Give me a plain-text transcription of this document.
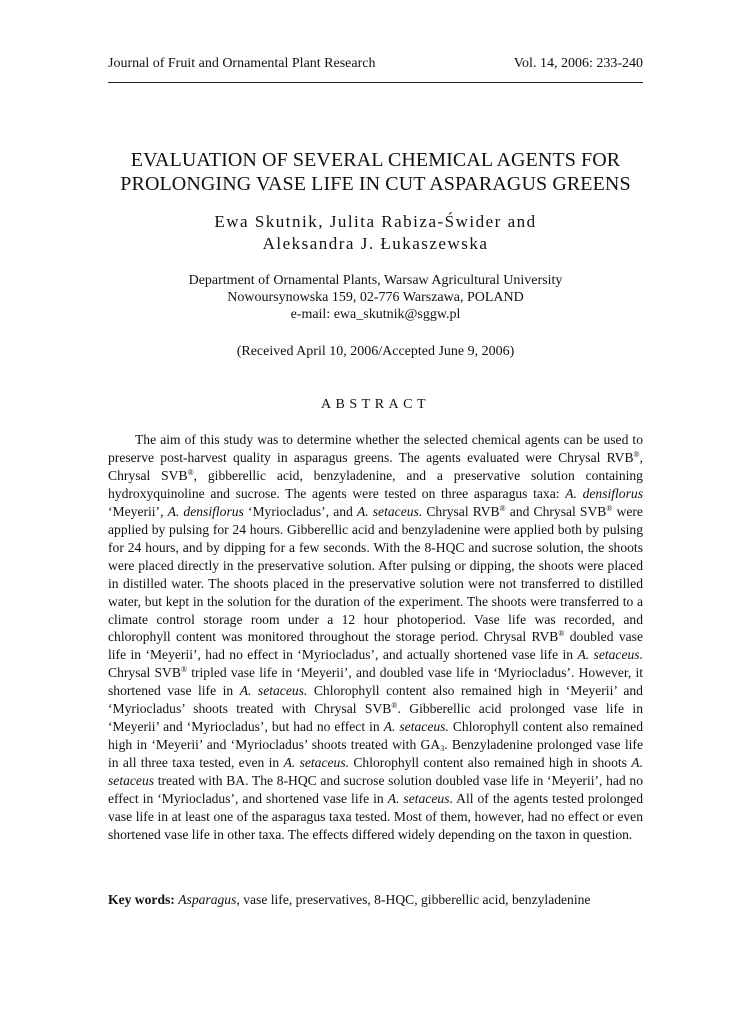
Journal of Fruit and Ornamental Plant Research	Vol. 14, 2006: 233-240
EVALUATION OF SEVERAL CHEMICAL AGENTS FOR
PROLONGING VASE LIFE IN CUT ASPARAGUS GREENS
Ewa Skutnik, Julita Rabiza-Świder and
Aleksandra J. Łukaszewska
Department of Ornamental Plants, Warsaw Agricultural University
Nowoursynowska 159, 02-776 Warszawa, POLAND
e-mail: ewa_skutnik@sggw.pl
(Received April 10, 2006/Accepted June 9, 2006)
ABSTRACT
The aim of this study was to determine whether the selected chemical agents can be used to preserve post-harvest quality in asparagus greens. The agents evaluated were Chrysal RVB®, Chrysal SVB®, gibberellic acid, benzyladenine, and a preservative solution containing hydroxyquinoline and sucrose. The agents were tested on three asparagus taxa: A. densiflorus ‘Meyerii’, A. densiflorus ‘Myriocladus’, and A. setaceus. Chrysal RVB® and Chrysal SVB® were applied by pulsing for 24 hours. Gibberellic acid and benzyladenine were applied both by pulsing for 24 hours, and by dipping for a few seconds. With the 8-HQC and sucrose solution, the shoots were placed directly in the preservative solution. After pulsing or dipping, the shoots were placed in distilled water. The shoots placed in the preservative solution were not transferred to distilled water, but kept in the solution for the duration of the experiment. The shoots were transferred to a climate control storage room under a 12 hour photoperiod. Vase life was recorded, and chlorophyll content was monitored throughout the storage period. Chrysal RVB® doubled vase life in ‘Meyerii’, had no effect in ‘Myriocladus’, and actually shortened vase life in A. setaceus. Chrysal SVB® tripled vase life in ‘Meyerii’, and doubled vase life in ‘Myriocladus’. However, it shortened vase life in A. setaceus. Chlorophyll content also remained high in ‘Meyerii’ and ‘Myriocladus’ shoots treated with Chrysal SVB®. Gibberellic acid prolonged vase life in ‘Meyerii’ and ‘Myriocladus’, but had no effect in A. setaceus. Chlorophyll content also remained high in ‘Meyerii’ and ‘Myriocladus’ shoots treated with $GA_3$. Benzyladenine prolonged vase life in all three taxa tested, even in A. setaceus. Chlorophyll content also remained high in shoots A. setaceus treated with BA. The 8-HQC and sucrose solution doubled vase life in ‘Meyerii’, had no effect in ‘Myriocladus’, and shortened vase life in A. setaceus. All of the agents tested prolonged vase life in at least one of the asparagus taxa tested. Most of them, however, had no effect or even shortened vase life in other taxa. The effects differed widely depending on the taxon in question.
Key words: Asparagus, vase life, preservatives, 8-HQC, gibberellic acid, benzyladenine
